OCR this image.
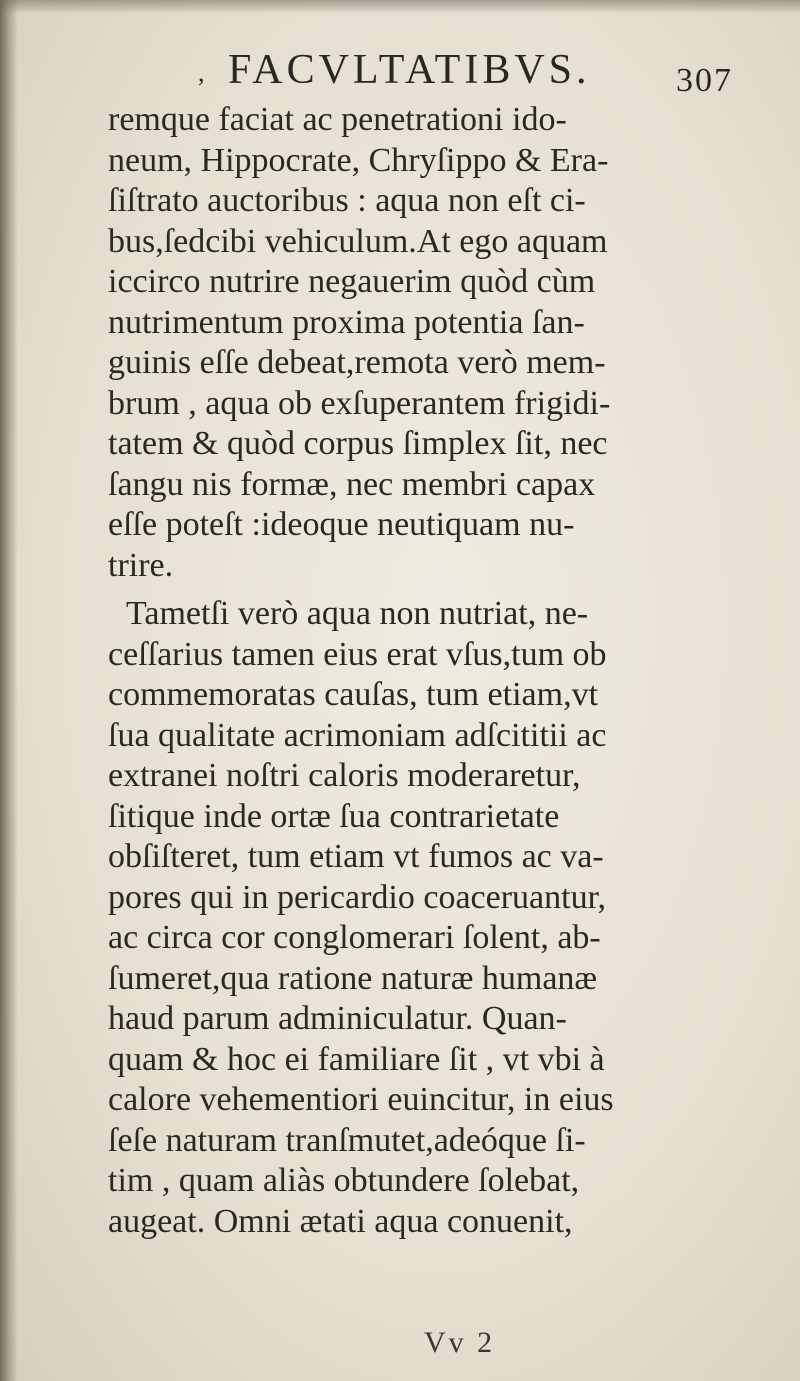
, FACVLTATIBVS.	307
remque faciat ac penetrationi ido-
neum, Hippocrate, Chryſippo & Era-
ſiſtrato auctoribus : aqua non eſt ci-
bus,ſedcibi vehiculum.At ego aquam
iccirco nutrire negauerim quòd cùm
nutrimentum proxima potentia ſan-
guinis eſſe debeat,remota verò mem-
brum , aqua ob exſuperantem frigidi-
tatem & quòd corpus ſimplex ſit, nec
ſangu nis formæ, nec membri capax
eſſe poteſt :ideoque neutiquam nu-
trire.
Tametſi verò aqua non nutriat, ne-
ceſſarius tamen eius erat vſus,tum ob
commemoratas cauſas, tum etiam,vt
ſua qualitate acrimoniam adſcititii ac
extranei noſtri caloris moderaretur,
ſitique inde ortæ ſua contrarietate
obſiſteret, tum etiam vt fumos ac va-
pores qui in pericardio coaceruantur,
ac circa cor conglomerari ſolent, ab-
ſumeret,qua ratione naturæ humanæ
haud parum adminiculatur. Quan-
quam & hoc ei familiare ſit , vt vbi à
calore vehementiori euincitur, in eius
ſeſe naturam tranſmutet,adeóque ſi-
tim , quam aliàs obtundere ſolebat,
augeat. Omni ætati aqua conuenit,
Vv 2
